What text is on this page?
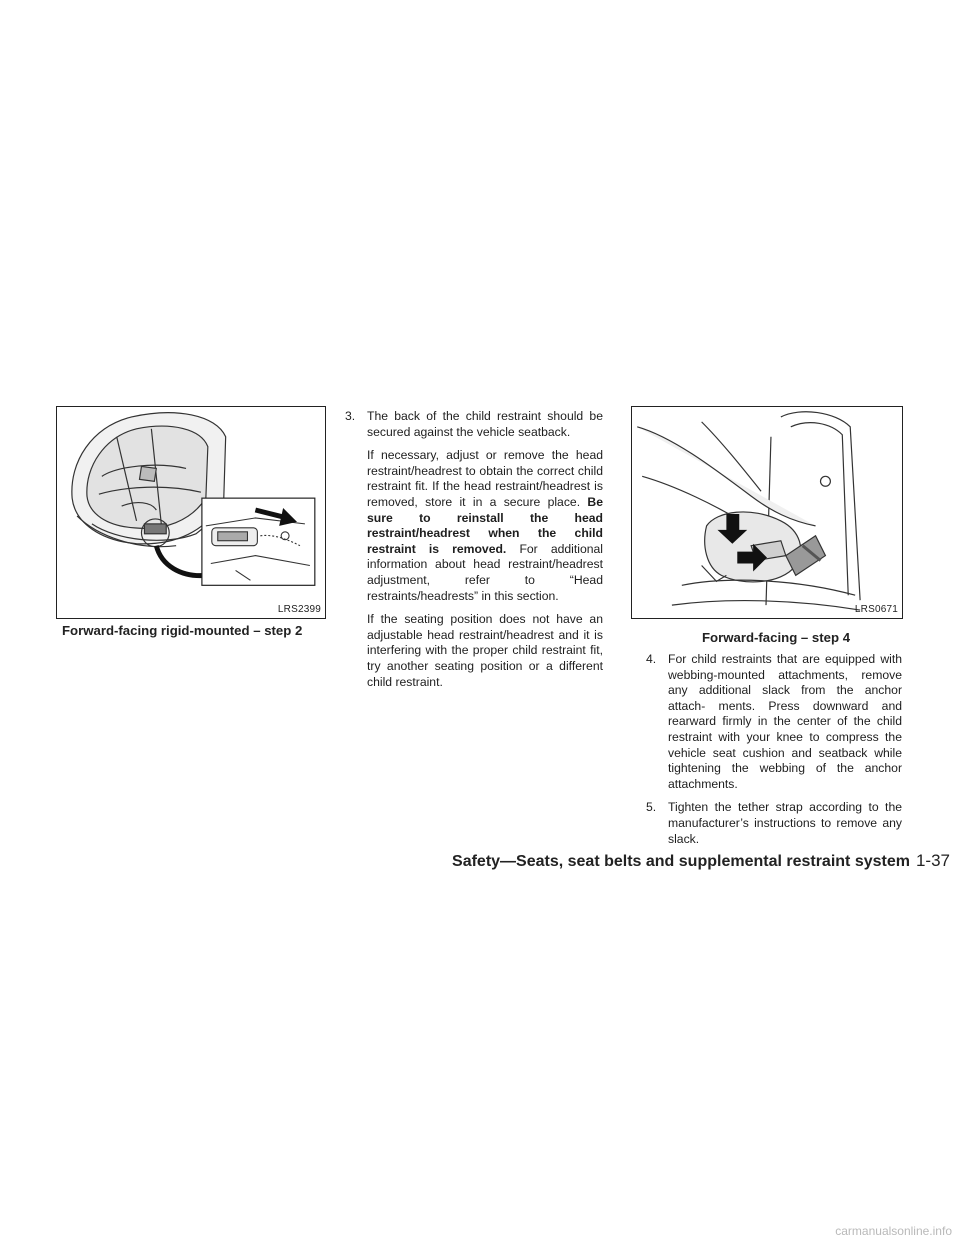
LRS2399
Forward-facing rigid-mounted – step 2
3. The back of the child restraint should be secured against the vehicle seatback.

If necessary, adjust or remove the head restraint/headrest to obtain the correct child restraint fit. If the head restraint/headrest is removed, store it in a secure place. Be sure to reinstall the head restraint/headrest when the child restraint is removed. For additional information about head restraint/headrest adjustment, refer to “Head restraints/headrests” in this section.

If the seating position does not have an adjustable head restraint/headrest and it is interfering with the proper child restraint fit, try another seating position or a different child restraint.

LRS0671
Forward-facing – step 4
4. For child restraints that are equipped with webbing-mounted attachments, remove any additional slack from the anchor attach- ments. Press downward and rearward firmly in the center of the child restraint with your knee to compress the vehicle seat cushion and seatback while tightening the webbing of the anchor attachments.

5. Tighten the tether strap according to the manufacturer’s instructions to remove any slack.

Safety—Seats, seat belts and supplemental restraint system 1-37
carmanualsonline.info
